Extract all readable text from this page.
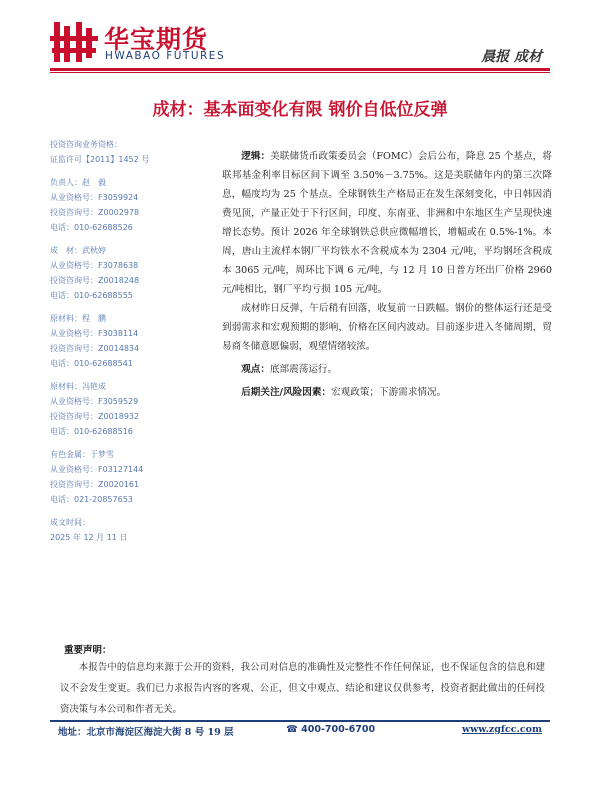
华宝期货
HWABAO FUTURES	晨报 成材
成材：基本面变化有限 钢价自低位反弹
投资咨询业务资格：
证监许可【2011】1452 号
负责人：赵　毅
从业资格号：F3059924
投资咨询号：Z0002978
电话：010-62688526
成　材：武秋婷
从业资格号：F3078638
投资咨询号：Z0018248
电话：010-62688555
原材料：程　鹏
从业资格号：F3038114
投资咨询号：Z0014834
电话：010-62688541
原材料：冯艳成
从业资格号：F3059529
投资咨询号：Z0018932
电话：010-62688516
有色金属：于梦雪
从业资格号：F03127144
投资咨询号：Z0020161
电话：021-20857653
成文时间：
2025 年 12 月 11 日

逻辑：美联储货币政策委员会（FOMC）会后公布，降息 25 个基点，将联邦基金利率目标区间下调至 3.50%－3.75%。这是美联储年内的第三次降息，幅度均为 25 个基点。全球钢铁生产格局正在发生深刻变化，中日韩因消费见顶，产量正处于下行区间，印度、东南亚、非洲和中东地区生产呈现快速增长态势。预计 2026 年全球钢铁总供应微幅增长，增幅或在 0.5%-1%。本周，唐山主流样本钢厂平均铁水不含税成本为 2304 元/吨，平均钢坯含税成本 3065 元/吨，周环比下调 6 元/吨，与 12 月 10 日普方坯出厂价格 2960 元/吨相比，钢厂平均亏损 105 元/吨。

成材昨日反弹，午后稍有回落，收复前一日跌幅。钢价的整体运行还是受到弱需求和宏观预期的影响，价格在区间内波动。目前逐步进入冬储周期，贸易商冬储意愿偏弱，观望情绪较浓。

观点：底部震荡运行。

后期关注/风险因素：宏观政策；下游需求情况。

重要声明：
本报告中的信息均来源于公开的资料，我公司对信息的准确性及完整性不作任何保证，也不保证包含的信息和建议不会发生变更。我们已力求报告内容的客观、公正，但文中观点、结论和建议仅供参考，投资者据此做出的任何投资决策与本公司和作者无关。
地址：北京市海淀区海淀大街 8 号 19 层	☎ 400-700-6700	www.zgfcc.com
